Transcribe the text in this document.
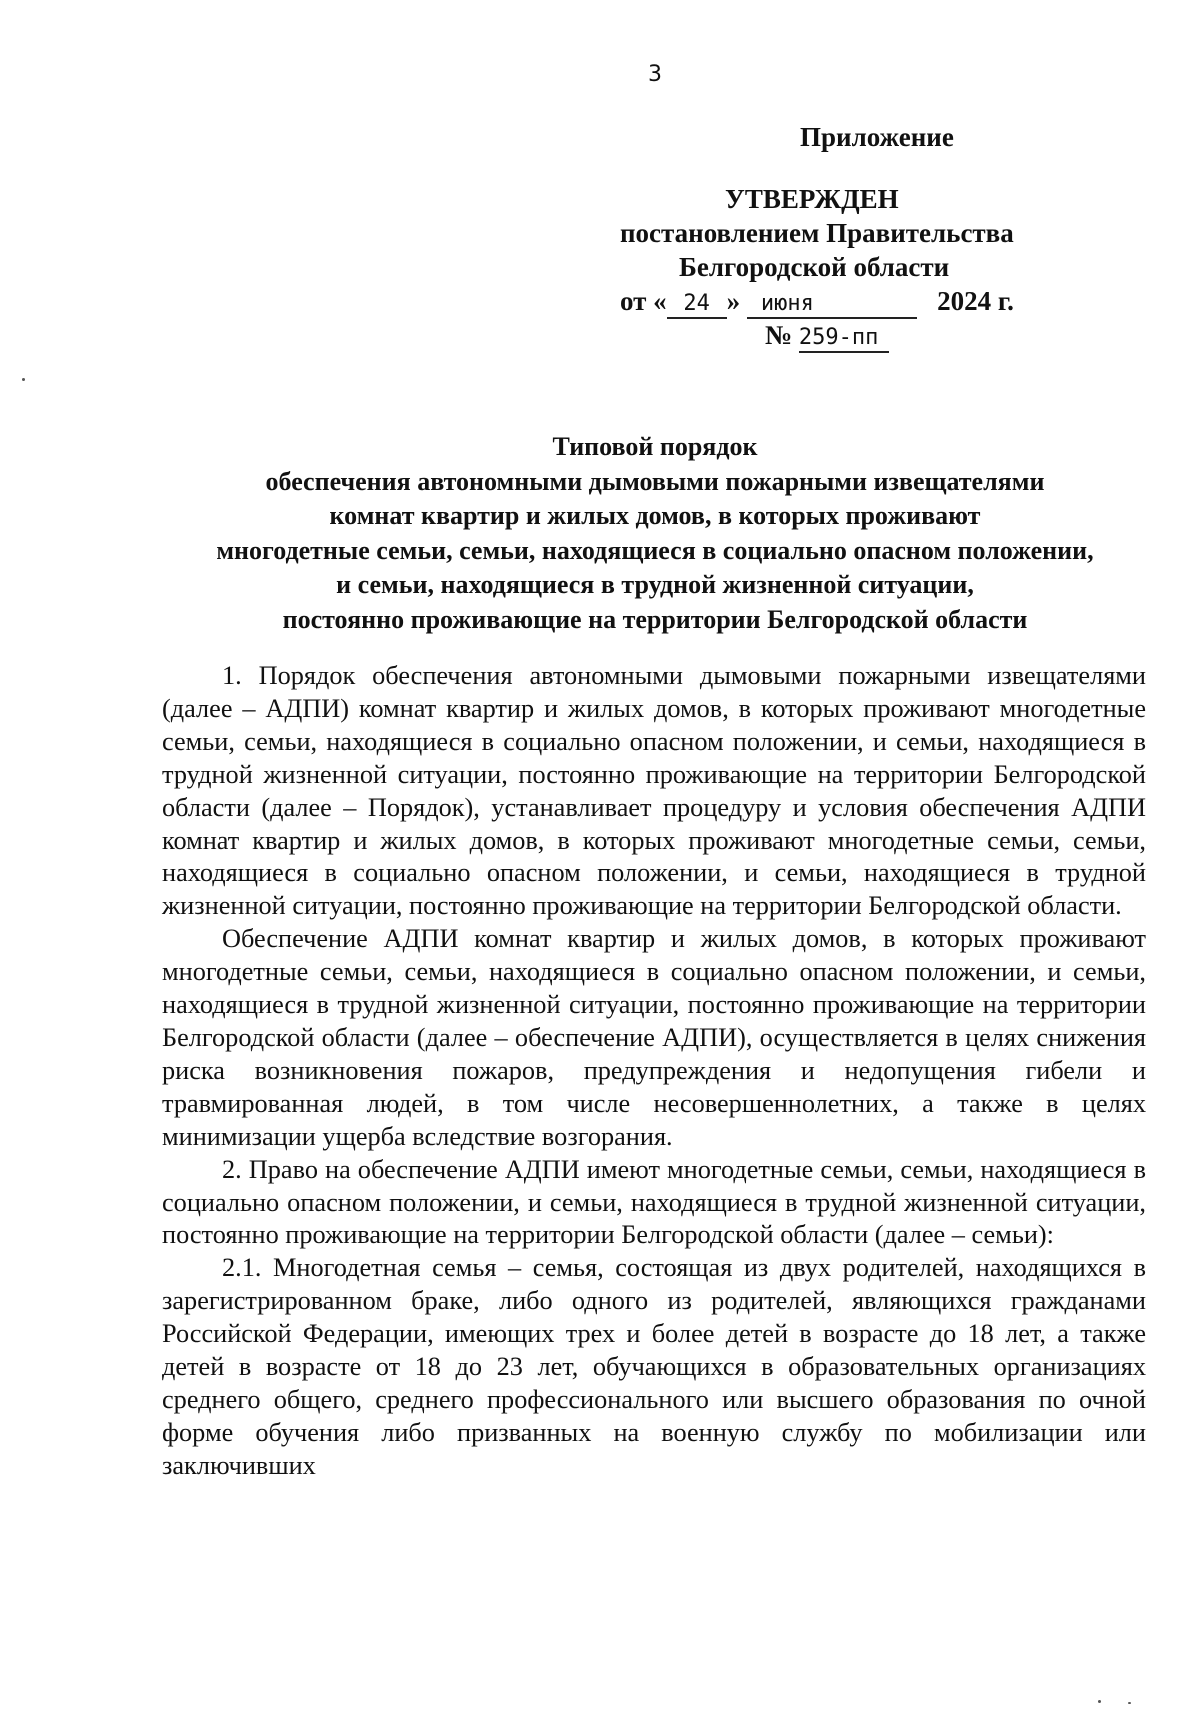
3
Приложение
УТВЕРЖДЕН
постановлением Правительства
Белгородской области
от « 24 » июня	2024 г.
№ 259-пп
Типовой порядок
обеспечения автономными дымовыми пожарными извещателями
комнат квартир и жилых домов, в которых проживают
многодетные семьи, семьи, находящиеся в социально опасном положении,
и семьи, находящиеся в трудной жизненной ситуации,
постоянно проживающие на территории Белгородской области

1. Порядок обеспечения автономными дымовыми пожарными извещателями (далее – АДПИ) комнат квартир и жилых домов, в которых проживают многодетные семьи, семьи, находящиеся в социально опасном положении, и семьи, находящиеся в трудной жизненной ситуации, постоянно проживающие на территории Белгородской области (далее – Порядок), устанавливает процедуру и условия обеспечения АДПИ комнат квартир и жилых домов, в которых проживают многодетные семьи, семьи, находящиеся в социально опасном положении, и семьи, находящиеся в трудной жизненной ситуации, постоянно проживающие на территории Белгородской области.

Обеспечение АДПИ комнат квартир и жилых домов, в которых проживают многодетные семьи, семьи, находящиеся в социально опасном положении, и семьи, находящиеся в трудной жизненной ситуации, постоянно проживающие на территории Белгородской области (далее – обеспечение АДПИ), осуществляется в целях снижения риска возникновения пожаров, предупреждения и недопущения гибели и травмированная людей, в том числе несовершеннолетних, а также в целях минимизации ущерба вследствие возгорания.

2. Право на обеспечение АДПИ имеют многодетные семьи, семьи, находящиеся в социально опасном положении, и семьи, находящиеся в трудной жизненной ситуации, постоянно проживающие на территории Белгородской области (далее – семьи):

2.1. Многодетная семья – семья, состоящая из двух родителей, находящихся в зарегистрированном браке, либо одного из родителей, являющихся гражданами Российской Федерации, имеющих трех и более детей в возрасте до 18 лет, а также детей в возрасте от 18 до 23 лет, обучающихся в образовательных организациях среднего общего, среднего профессионального или высшего образования по очной форме обучения либо призванных на военную службу по мобилизации или заключивших
